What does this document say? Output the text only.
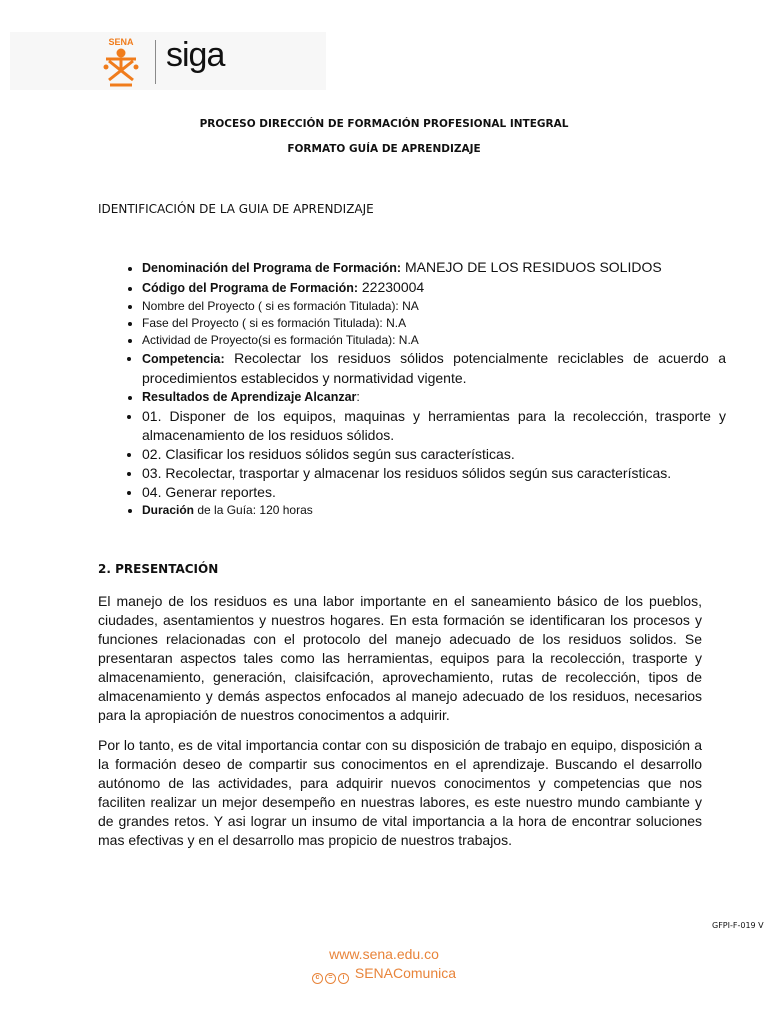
SENA siga
PROCESO DIRECCIÓN DE FORMACIÓN PROFESIONAL INTEGRAL
FORMATO GUÍA DE APRENDIZAJE
IDENTIFICACIÓN DE LA GUIA DE APRENDIZAJE
• Denominación del Programa de Formación: MANEJO DE LOS RESIDUOS SOLIDOS
• Código del Programa de Formación: 22230004
• Nombre del Proyecto ( si es formación Titulada): NA
• Fase del Proyecto ( si es formación Titulada): N.A
• Actividad de Proyecto(si es formación Titulada): N.A
• Competencia: Recolectar los residuos sólidos potencialmente reciclables de acuerdo a procedimientos establecidos y normatividad vigente.
• Resultados de Aprendizaje Alcanzar:
• 01. Disponer de los equipos, maquinas y herramientas para la recolección, trasporte y almacenamiento de los residuos sólidos.
• 02. Clasificar los residuos sólidos según sus características.
• 03. Recolectar, trasportar y almacenar los residuos sólidos según sus características.
• 04. Generar reportes.
• Duración de la Guía: 120 horas
2. PRESENTACIÓN

El manejo de los residuos es una labor importante en el saneamiento básico de los pueblos, ciudades, asentamientos y nuestros hogares. En esta formación se identificaran los procesos y funciones relacionadas con el protocolo del manejo adecuado de los residuos solidos. Se presentaran aspectos tales como las herramientas, equipos para la recolección, trasporte y almacenamiento, generación, claisifcación, aprovechamiento, rutas de recolección, tipos de almacenamiento y demás aspectos enfocados al manejo adecuado de los residuos, necesarios para la apropiación de nuestros conocimentos a adquirir.

Por lo tanto, es de vital importancia contar con su disposición de trabajo en equipo, disposición a la formación deseo de compartir sus conocimentos en el aprendizaje. Buscando el desarrollo autónomo de las actividades, para adquirir nuevos conocimentos y competencias que nos faciliten realizar un mejor desempeño en nuestras labores, es este nuestro mundo cambiante y de grandes retos. Y asi lograr un insumo de vital importancia a la hora de encontrar soluciones mas efectivas y en el desarrollo mas propicio de nuestros trabajos.

GFPI-F-019 V
www.sena.edu.co
c = i SENAComunica
